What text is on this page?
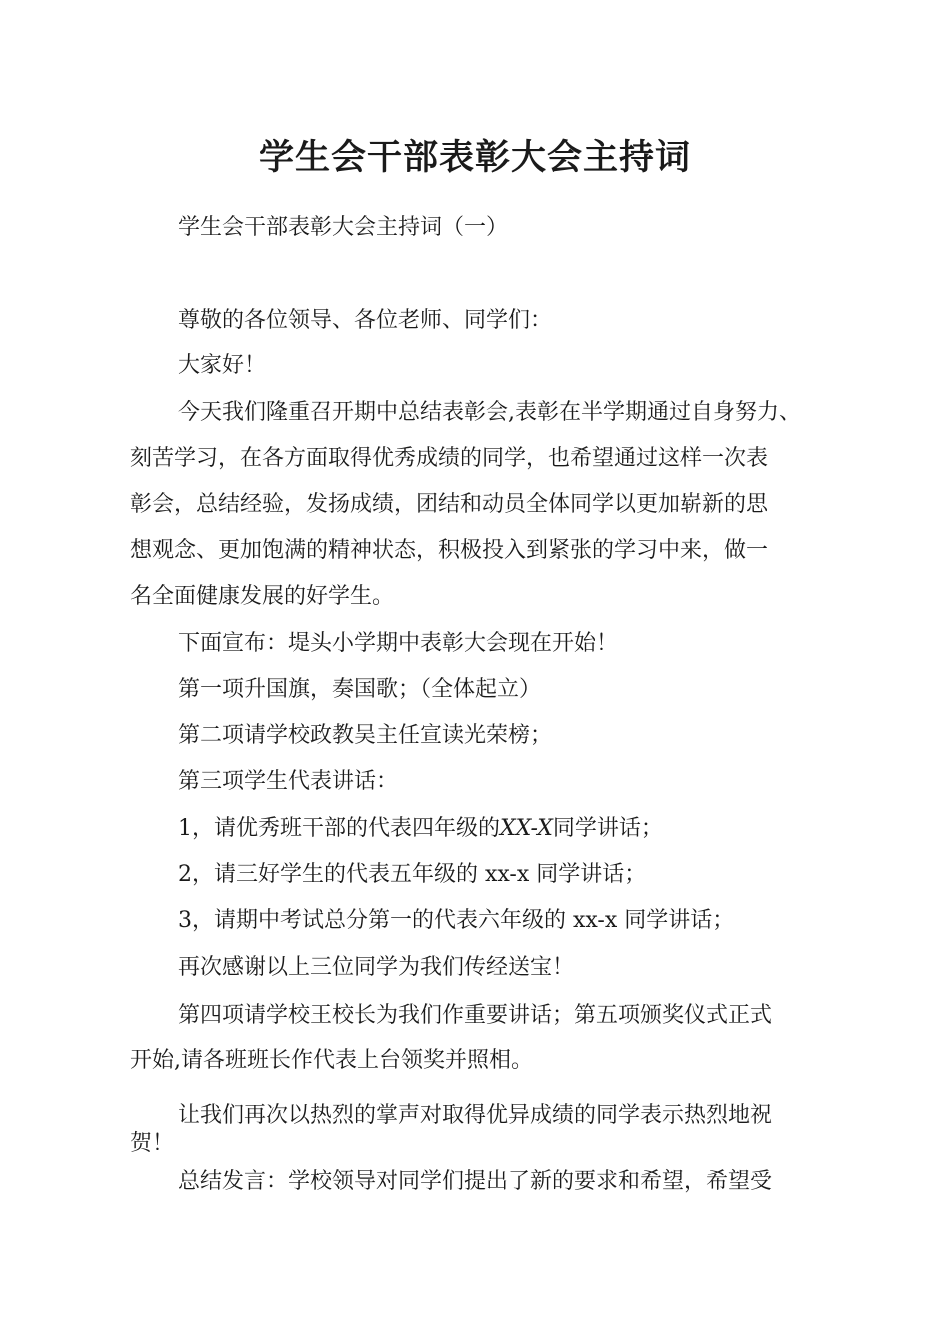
学生会干部表彰大会主持词

学生会干部表彰大会主持词（一）

尊敬的各位领导、各位老师、同学们：

大家好！

今天我们隆重召开期中总结表彰会,表彰在半学期通过自身努力、

刻苦学习，在各方面取得优秀成绩的同学，也希望通过这样一次表

彰会，总结经验，发扬成绩，团结和动员全体同学以更加崭新的思

想观念、更加饱满的精神状态，积极投入到紧张的学习中来，做一

名全面健康发展的好学生。

下面宣布：堤头小学期中表彰大会现在开始！

第一项升国旗，奏国歌；（全体起立）

第二项请学校政教吴主任宣读光荣榜；

第三项学生代表讲话：

1，请优秀班干部的代表四年级的XX-X同学讲话；

2，请三好学生的代表五年级的 xx-x 同学讲话；

3，请期中考试总分第一的代表六年级的 xx-x 同学讲话；

再次感谢以上三位同学为我们传经送宝！

第四项请学校王校长为我们作重要讲话；第五项颁奖仪式正式

开始,请各班班长作代表上台领奖并照相。

让我们再次以热烈的掌声对取得优异成绩的同学表示热烈地祝

贺！

总结发言：学校领导对同学们提出了新的要求和希望，希望受
